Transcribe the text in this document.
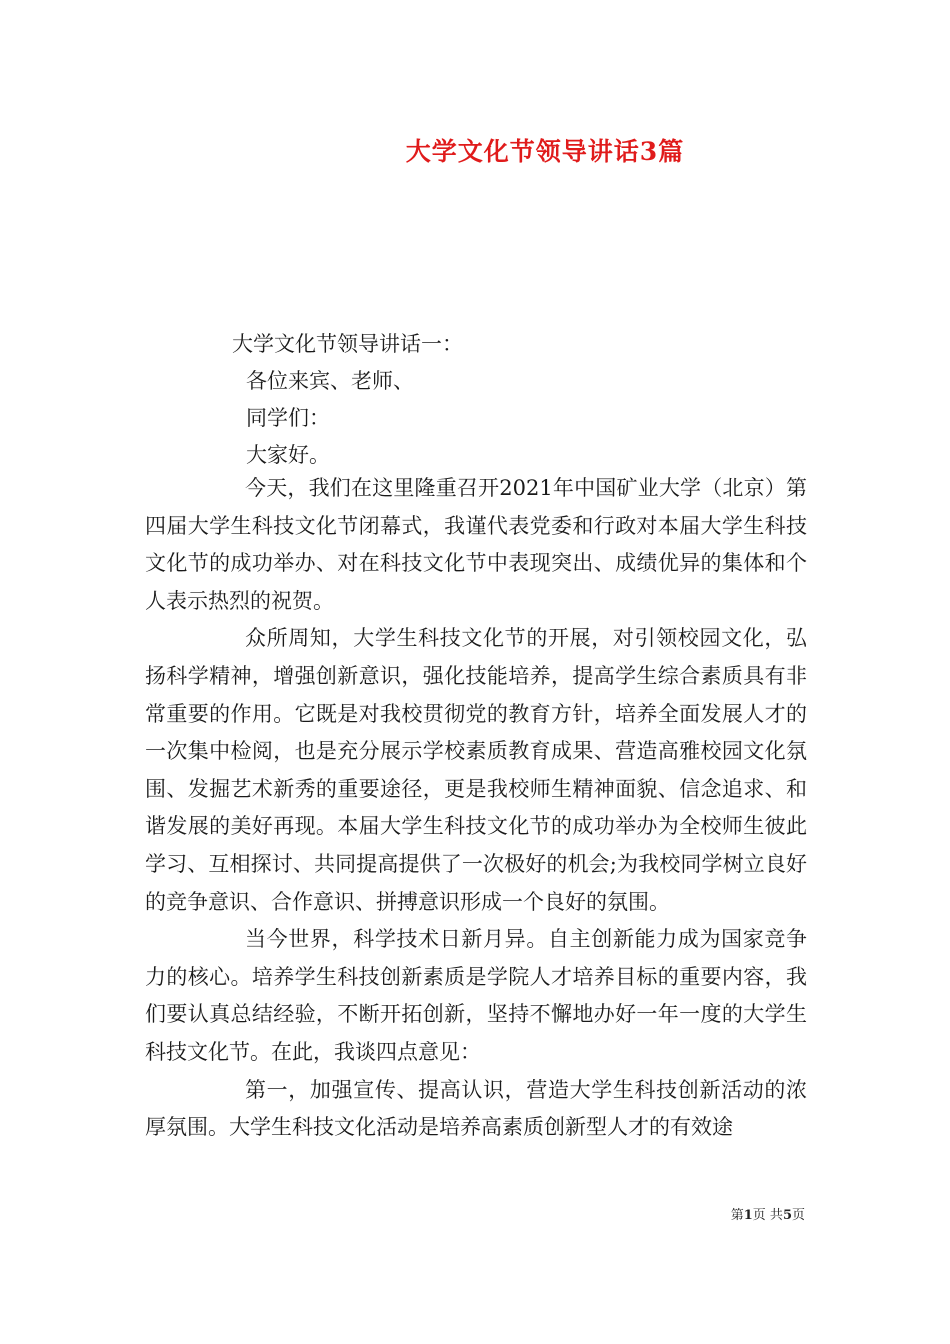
大学文化节领导讲话3篇
大学文化节领导讲话一：
各位来宾、老师、
同学们：
大家好。

今天，我们在这里隆重召开2021年中国矿业大学（北京）第四届大学生科技文化节闭幕式，我谨代表党委和行政对本届大学生科技文化节的成功举办、对在科技文化节中表现突出、成绩优异的集体和个人表示热烈的祝贺。

众所周知，大学生科技文化节的开展，对引领校园文化，弘扬科学精神，增强创新意识，强化技能培养，提高学生综合素质具有非常重要的作用。它既是对我校贯彻党的教育方针，培养全面发展人才的一次集中检阅，也是充分展示学校素质教育成果、营造高雅校园文化氛围、发掘艺术新秀的重要途径，更是我校师生精神面貌、信念追求、和谐发展的美好再现。本届大学生科技文化节的成功举办为全校师生彼此学习、互相探讨、共同提高提供了一次极好的机会;为我校同学树立良好的竞争意识、合作意识、拼搏意识形成一个良好的氛围。

当今世界，科学技术日新月异。自主创新能力成为国家竞争力的核心。培养学生科技创新素质是学院人才培养目标的重要内容，我们要认真总结经验，不断开拓创新，坚持不懈地办好一年一度的大学生科技文化节。在此，我谈四点意见：

第一，加强宣传、提高认识，营造大学生科技创新活动的浓厚氛围。大学生科技文化活动是培养高素质创新型人才的有效途

第1页 共5页
